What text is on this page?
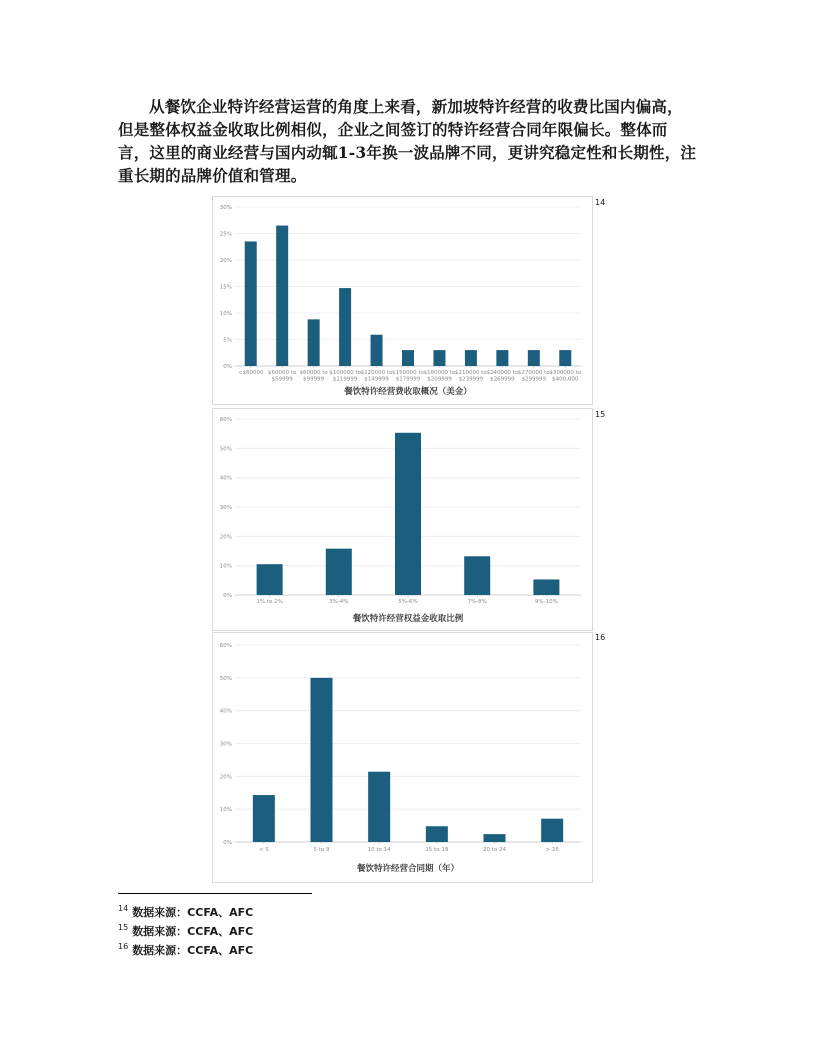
从餐饮企业特许经营运营的角度上来看，新加坡特许经营的收费比国内偏高，但是整体权益金收取比例相似，企业之间签订的特许经营合同年限偏长。整体而言，这里的商业经营与国内动辄1-3年换一波品牌不同，更讲究稳定性和长期性，注重长期的品牌价值和管理。

0%
5%
10%
15%
20%
25%
30%
<$60000 $60000 to
$59999
$60000 to
$99999
$100000 to
$119999
$120000 to
$149999
$150000 to
$179999
$180000 to
$209999
$210000 to
$239999
$240000 to
$269999
$270000 to
$299999
$300000 to
$400,000
餐饮特许经营费收取概况（美金）
14
0%
10%
20%
30%
40%
50%
60%
1% to 2%	3%-4%	5%-6%	7%-8%	9%-10%
餐饮特许经营权益金收取比例
15
0%
10%
20%
30%
40%
50%
60%
< 5	5 to 9	10 to 14	15 to 19	20 to 24	> 25
餐饮特许经营合同期（年）
16
$^{14}$ 数据来源：CCFA、AFC
$^{15}$ 数据来源：CCFA、AFC
$^{16}$ 数据来源：CCFA、AFC
